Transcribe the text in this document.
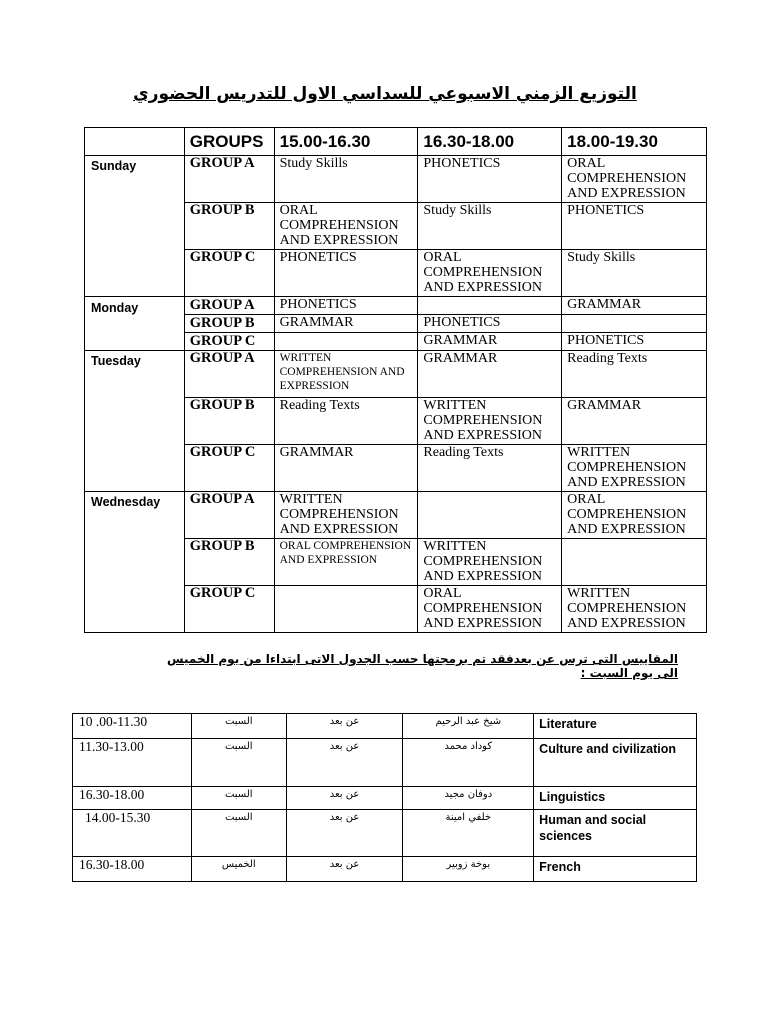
التوزيع الزمني الاسبوعي للسداسي الاول للتدريس الحضوري
	GROUPS	15.00-16.30	16.30-18.00	18.00-19.30
Sunday	GROUP A	Study Skills	PHONETICS	ORAL COMPREHENSION AND EXPRESSION
	GROUP B	ORAL COMPREHENSION AND EXPRESSION	Study Skills	PHONETICS
	GROUP C	PHONETICS	ORAL COMPREHENSION AND EXPRESSION	Study Skills
Monday	GROUP A	PHONETICS		GRAMMAR
	GROUP B	GRAMMAR	PHONETICS	
	GROUP C		GRAMMAR	PHONETICS
Tuesday	GROUP A	WRITTEN COMPREHENSION AND EXPRESSION	GRAMMAR	Reading Texts
	GROUP B	Reading Texts	WRITTEN COMPREHENSION AND EXPRESSION	GRAMMAR
	GROUP C	GRAMMAR	Reading Texts	WRITTEN COMPREHENSION AND EXPRESSION
Wednesday	GROUP A	WRITTEN COMPREHENSION AND EXPRESSION		ORAL COMPREHENSION AND EXPRESSION
	GROUP B	ORAL COMPREHENSION AND EXPRESSION	WRITTEN COMPREHENSION AND EXPRESSION	
	GROUP C		ORAL COMPREHENSION AND EXPRESSION	WRITTEN COMPREHENSION AND EXPRESSION
المقاييس التى ترس عن بعدفقد تم برمجتها حسب الجدول الاتى ابتداءا من يوم الخميس الى يوم السبت :
10 .00-11.30	السبت	عن بعد	شيخ عبد الرحيم	Literature
11.30-13.00	السبت	عن بعد	كوداد محمد	Culture and civilization
16.30-18.00	السبت	عن بعد	دوفان مجيد	Linguistics
14.00-15.30	السبت	عن بعد	خلفي امينة	Human and social sciences
16.30-18.00	الخميس	عن بعد	بوخة زوبير	French
